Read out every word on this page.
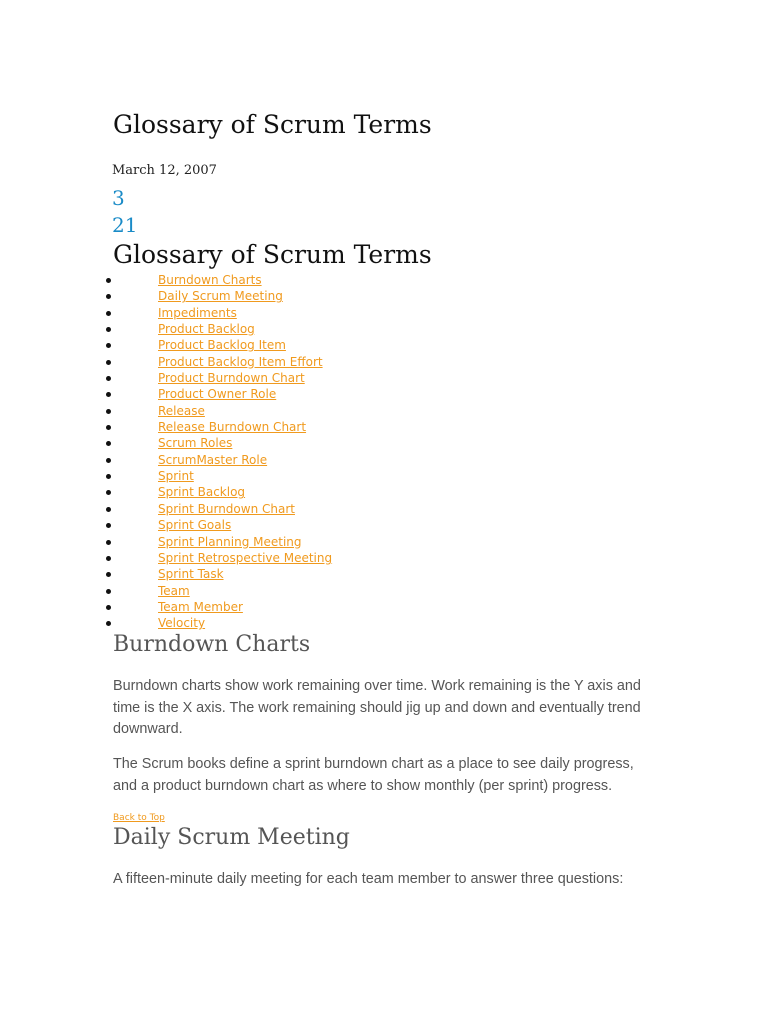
Glossary of Scrum Terms
March 12, 2007
3
21
Glossary of Scrum Terms
Burndown Charts
Daily Scrum Meeting
Impediments
Product Backlog
Product Backlog Item
Product Backlog Item Effort
Product Burndown Chart
Product Owner Role
Release
Release Burndown Chart
Scrum Roles
ScrumMaster Role
Sprint
Sprint Backlog
Sprint Burndown Chart
Sprint Goals
Sprint Planning Meeting
Sprint Retrospective Meeting
Sprint Task
Team
Team Member
Velocity
Burndown Charts

Burndown charts show work remaining over time. Work remaining is the Y axis and time is the X axis. The work remaining should jig up and down and eventually trend downward.

The Scrum books define a sprint burndown chart as a place to see daily progress, and a product burndown chart as where to show monthly (per sprint) progress.

Back to Top
Daily Scrum Meeting

A fifteen-minute daily meeting for each team member to answer three questions:
